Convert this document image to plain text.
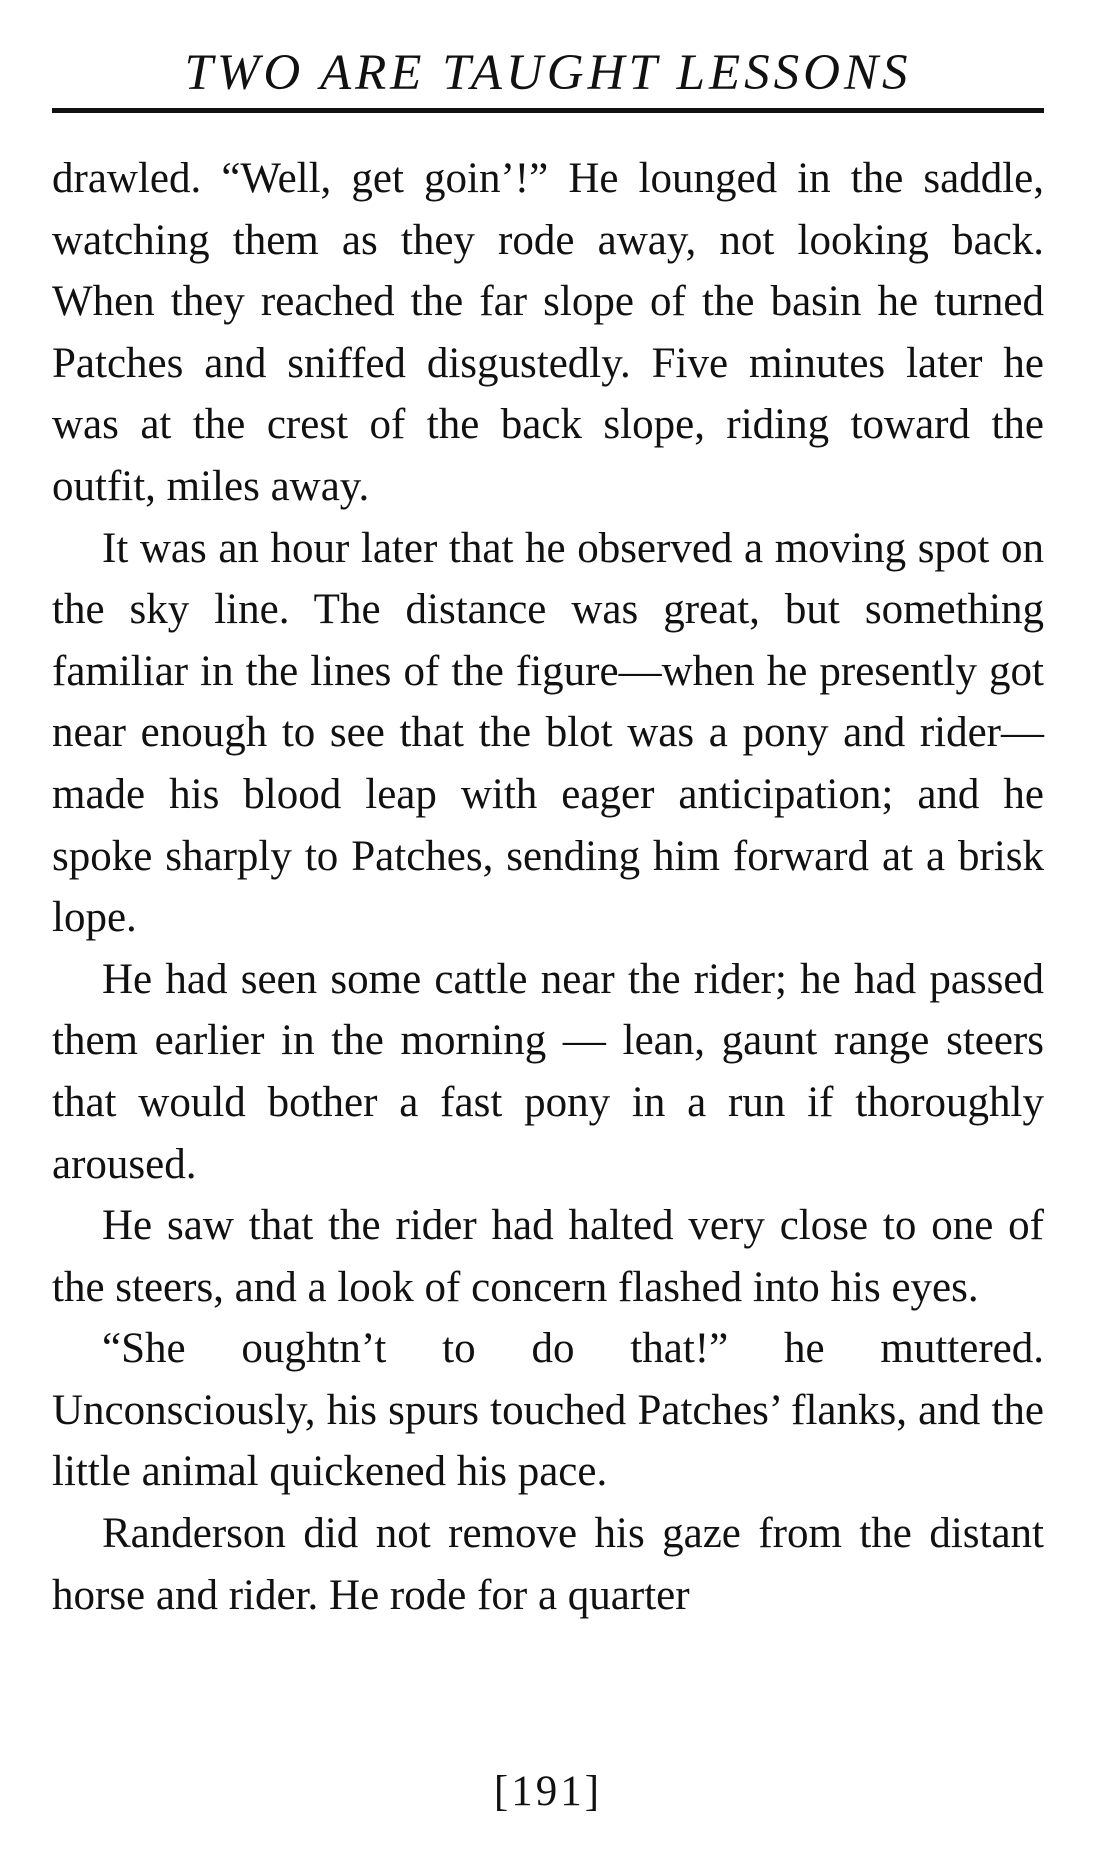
TWO ARE TAUGHT LESSONS

drawled. “Well, get goin’!” He lounged in the saddle, watching them as they rode away, not looking back. When they reached the far slope of the basin he turned Patches and sniffed disgustedly. Five minutes later he was at the crest of the back slope, riding toward the outfit, miles away.

It was an hour later that he observed a moving spot on the sky line. The distance was great, but something familiar in the lines of the figure—when he presently got near enough to see that the blot was a pony and rider—made his blood leap with eager anticipation; and he spoke sharply to Patches, sending him forward at a brisk lope.

He had seen some cattle near the rider; he had passed them earlier in the morning — lean, gaunt range steers that would bother a fast pony in a run if thoroughly aroused.

He saw that the rider had halted very close to one of the steers, and a look of concern flashed into his eyes.

“She oughtn’t to do that!” he muttered. Unconsciously, his spurs touched Patches’ flanks, and the little animal quickened his pace.

Randerson did not remove his gaze from the distant horse and rider. He rode for a quarter

[191]
